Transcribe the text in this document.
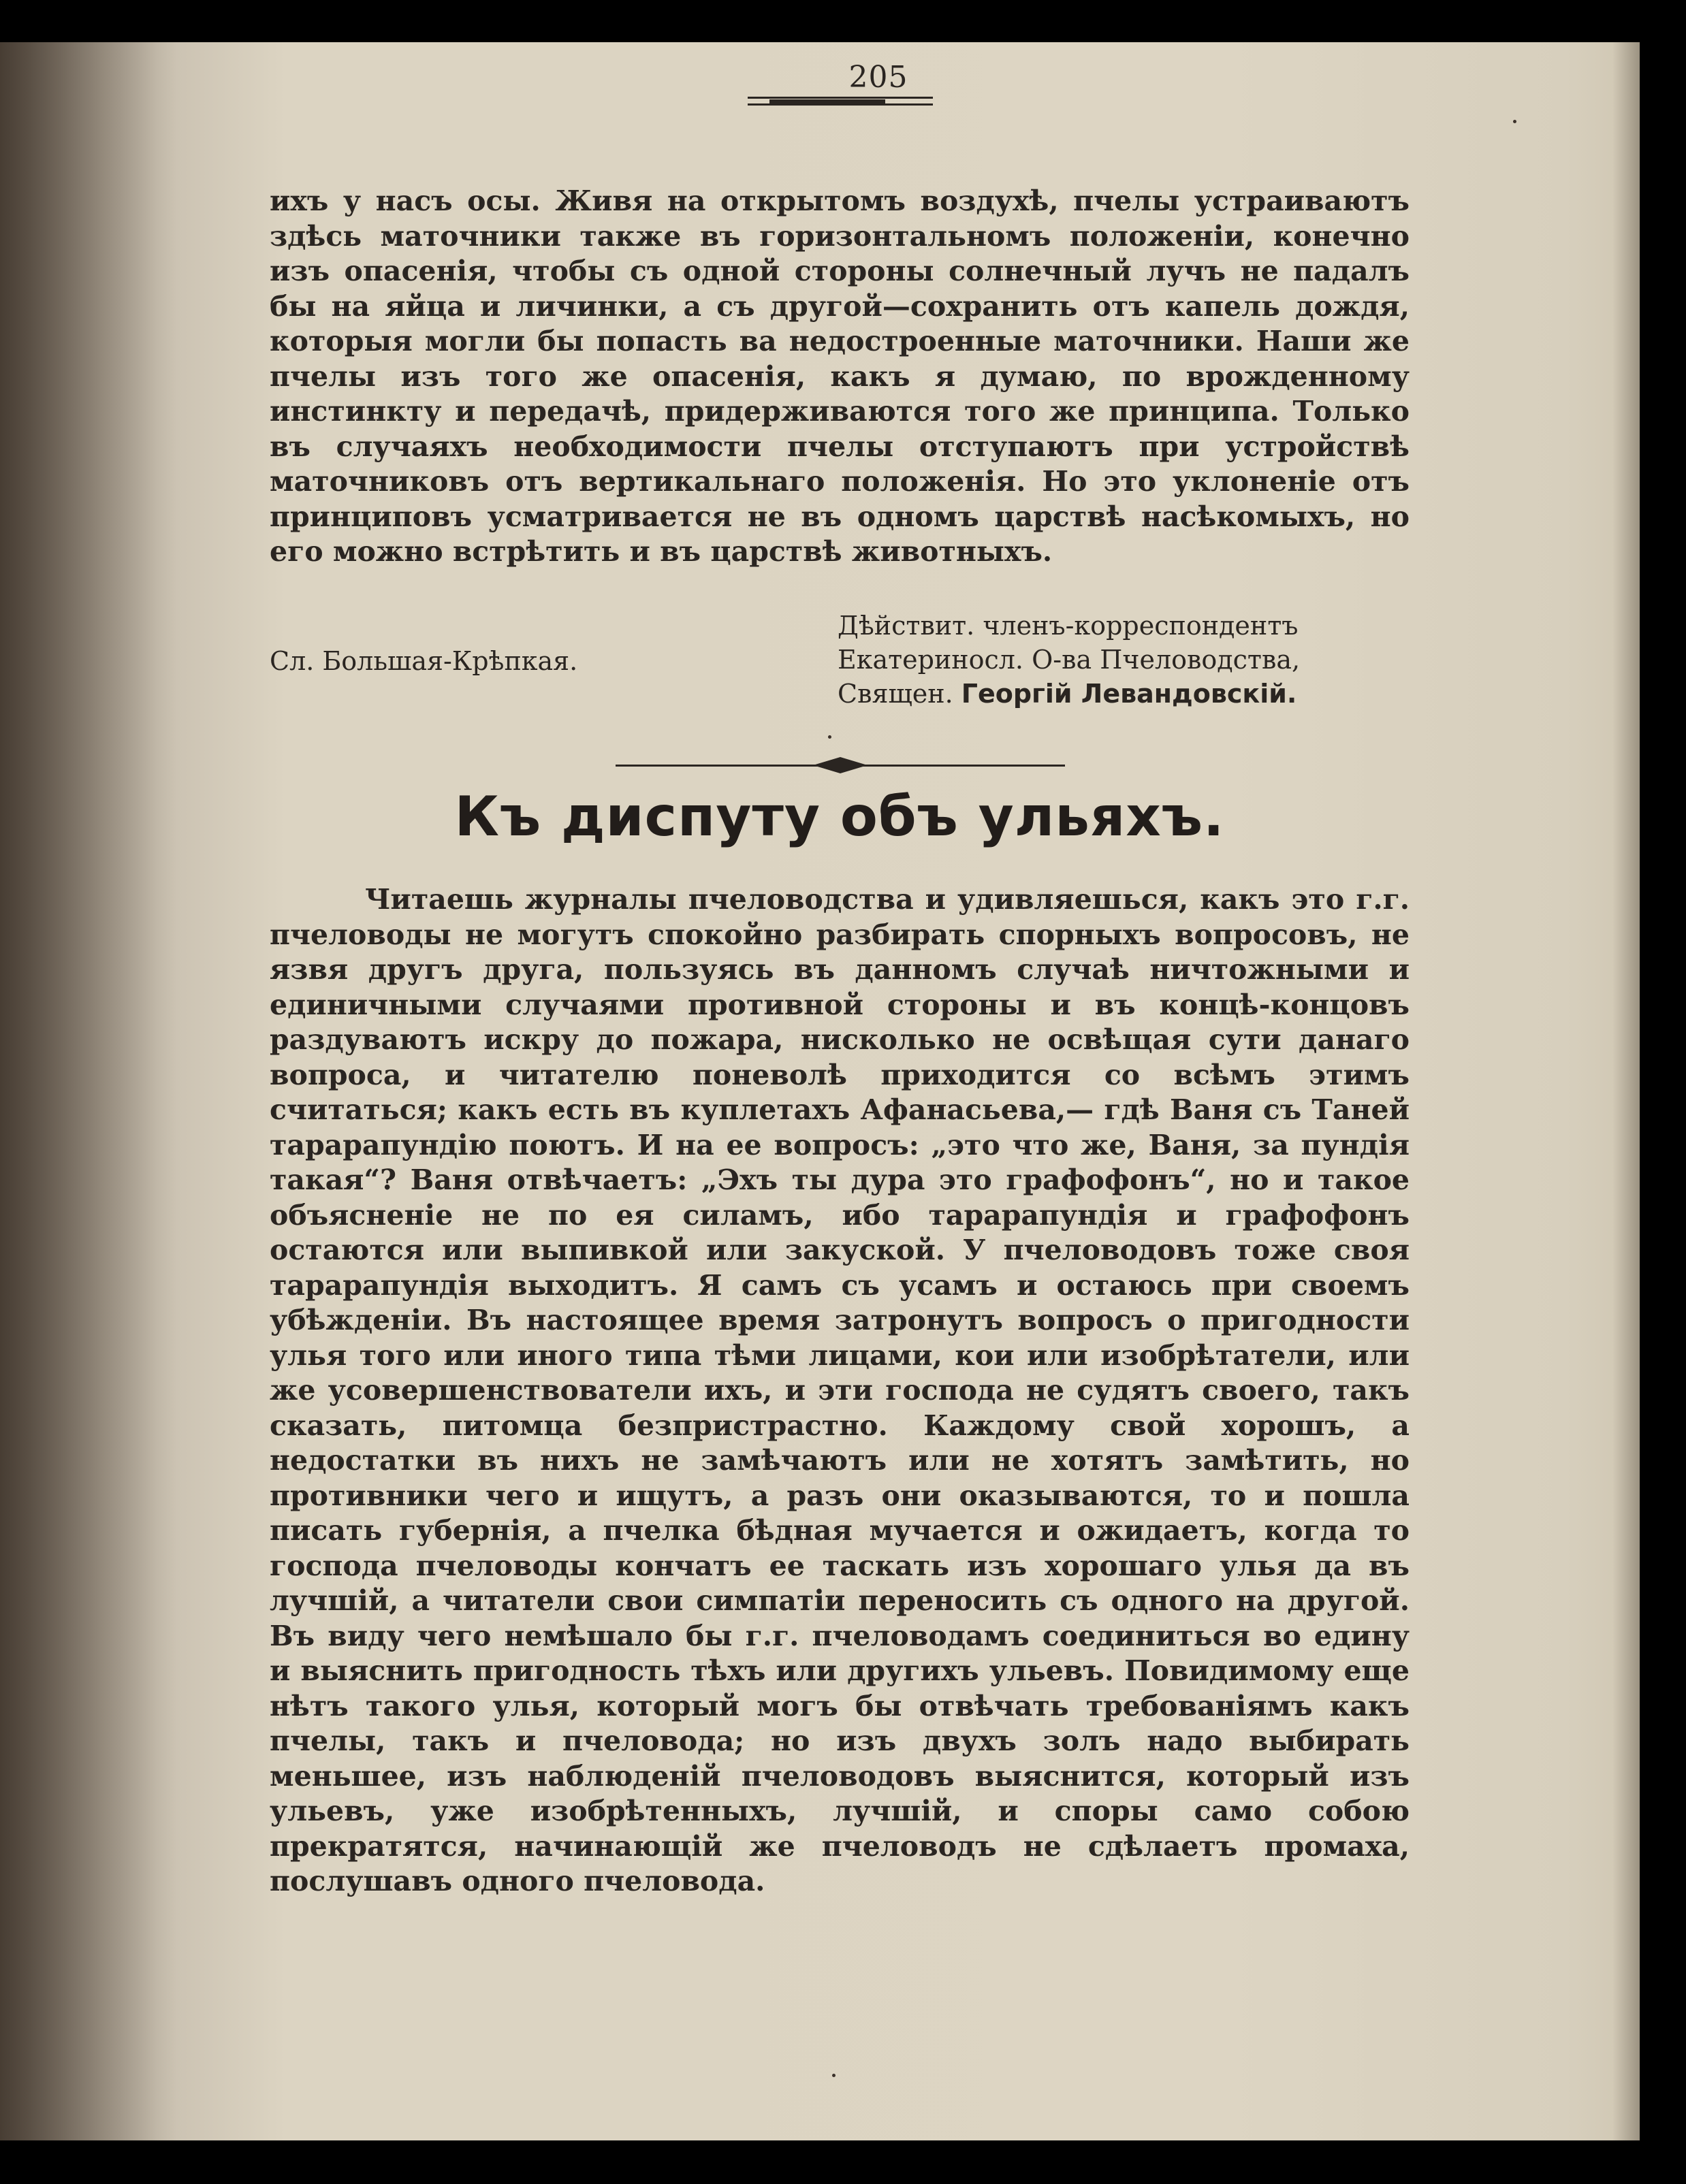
205

ихъ у насъ осы. Живя на открытомъ воздухѣ, пчелы устраиваютъ здѣсь маточники также въ горизонтальномъ положенiи, конечно изъ опасенiя, чтобы съ одной стороны солнечный лучъ не падалъ бы на яйца и личинки, а съ другой—сохранить отъ капель дождя, которыя могли бы попасть ва недостроенные маточники. Наши же пчелы изъ того же опасенiя, какъ я думаю, по врожденному инстинкту и передачѣ, придерживаются того же принципа. Только въ случаяхъ необходимости пчелы отступаютъ при устройствѣ маточниковъ отъ вертикальнаго положенiя. Но это уклоненiе отъ принциповъ усматривается не въ одномъ царствѣ насѣкомыхъ, но его можно встрѣтить и въ царствѣ животныхъ.

Сл. Большая-Крѣпкая.
Дѣйствит. членъ-корреспондентъ
Екатериносл. О-ва Пчеловодства,
Священ. Георгiй Левандовскiй.
Къ диспуту объ ульяхъ.

Читаешь журналы пчеловодства и удивляешься, какъ это г.г. пчеловоды не могутъ спокойно разбирать спорныхъ вопросовъ, не язвя другъ друга, пользуясь въ данномъ случаѣ ничтожными и единичными случаями противной стороны и въ концѣ-концовъ раздуваютъ искру до пожара, нисколько не освѣщая сути данаго вопроса, и читателю поневолѣ приходится со всѣмъ этимъ считаться; какъ есть въ куплетахъ Афанасьева,— гдѣ Ваня съ Таней тарарапундiю поютъ. И на ее вопросъ: „это что же, Ваня, за пундiя такая“? Ваня отвѣчаетъ: „Эхъ ты дура это графофонъ“, но и такое объясненiе не по ея силамъ, ибо тарарапундiя и графофонъ остаются или выпивкой или закуской. У пчеловодовъ тоже своя тарарапундiя выходитъ. Я самъ съ усамъ и остаюсь при своемъ убѣжденiи. Въ настоящее время затронутъ вопросъ о пригодности улья того или иного типа тѣми лицами, кои или изобрѣтатели, или же усовершенствователи ихъ, и эти господа не судятъ своего, такъ сказать, питомца безпристрастно. Каждому свой хорошъ, а недостатки въ нихъ не замѣчаютъ или не хотятъ замѣтить, но противники чего и ищутъ, а разъ они оказываются, то и пошла писать губернiя, а пчелка бѣдная мучается и ожидаетъ, когда то господа пчеловоды кончатъ ее таскать изъ хорошаго улья да въ лучшiй, а читатели свои симпатiи переносить съ одного на другой. Въ виду чего немѣшало бы г.г. пчеловодамъ соединиться во едину и выяснить пригодность тѣхъ или другихъ ульевъ. Повидимому еще нѣтъ такого улья, который могъ бы отвѣчать требованiямъ какъ пчелы, такъ и пчеловода; но изъ двухъ золъ надо выбирать меньшее, изъ наблюденiй пчеловодовъ выяснится, который изъ ульевъ, уже изобрѣтенныхъ, лучшiй, и споры само собою прекратятся, начинающiй же пчеловодъ не сдѣлаетъ промаха, послушавъ одного пчеловода.
